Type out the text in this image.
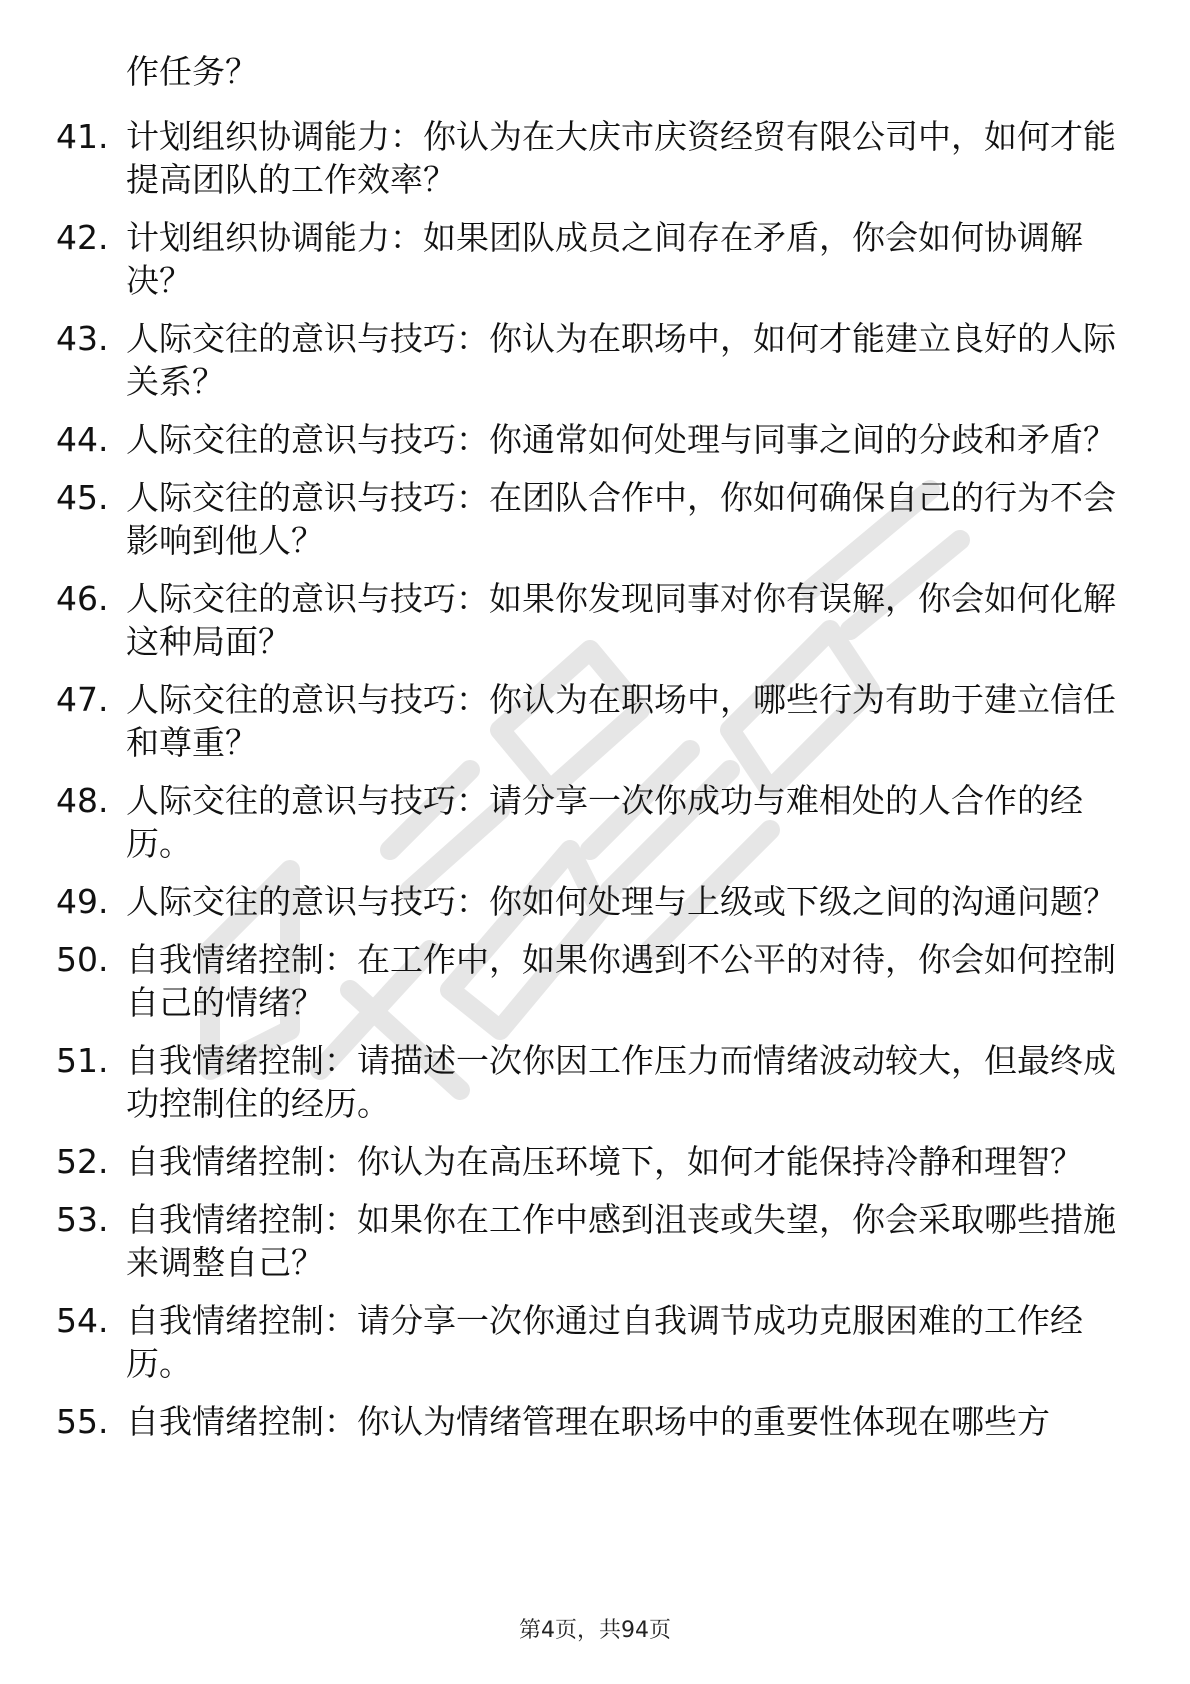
作任务？

41. 计划组织协调能力：你认为在大庆市庆资经贸有限公司中，如何才能提高团队的工作效率？
42. 计划组织协调能力：如果团队成员之间存在矛盾，你会如何协调解决？
43. 人际交往的意识与技巧：你认为在职场中，如何才能建立良好的人际关系？
44. 人际交往的意识与技巧：你通常如何处理与同事之间的分歧和矛盾？
45. 人际交往的意识与技巧：在团队合作中，你如何确保自己的行为不会影响到他人？
46. 人际交往的意识与技巧：如果你发现同事对你有误解，你会如何化解这种局面？
47. 人际交往的意识与技巧：你认为在职场中，哪些行为有助于建立信任和尊重？
48. 人际交往的意识与技巧：请分享一次你成功与难相处的人合作的经历。
49. 人际交往的意识与技巧：你如何处理与上级或下级之间的沟通问题？
50. 自我情绪控制：在工作中，如果你遇到不公平的对待，你会如何控制自己的情绪？
51. 自我情绪控制：请描述一次你因工作压力而情绪波动较大，但最终成功控制住的经历。
52. 自我情绪控制：你认为在高压环境下，如何才能保持冷静和理智？
53. 自我情绪控制：如果你在工作中感到沮丧或失望，你会采取哪些措施来调整自己？
54. 自我情绪控制：请分享一次你通过自我调节成功克服困难的工作经历。
55. 自我情绪控制：你认为情绪管理在职场中的重要性体现在哪些方
第4页，共94页
